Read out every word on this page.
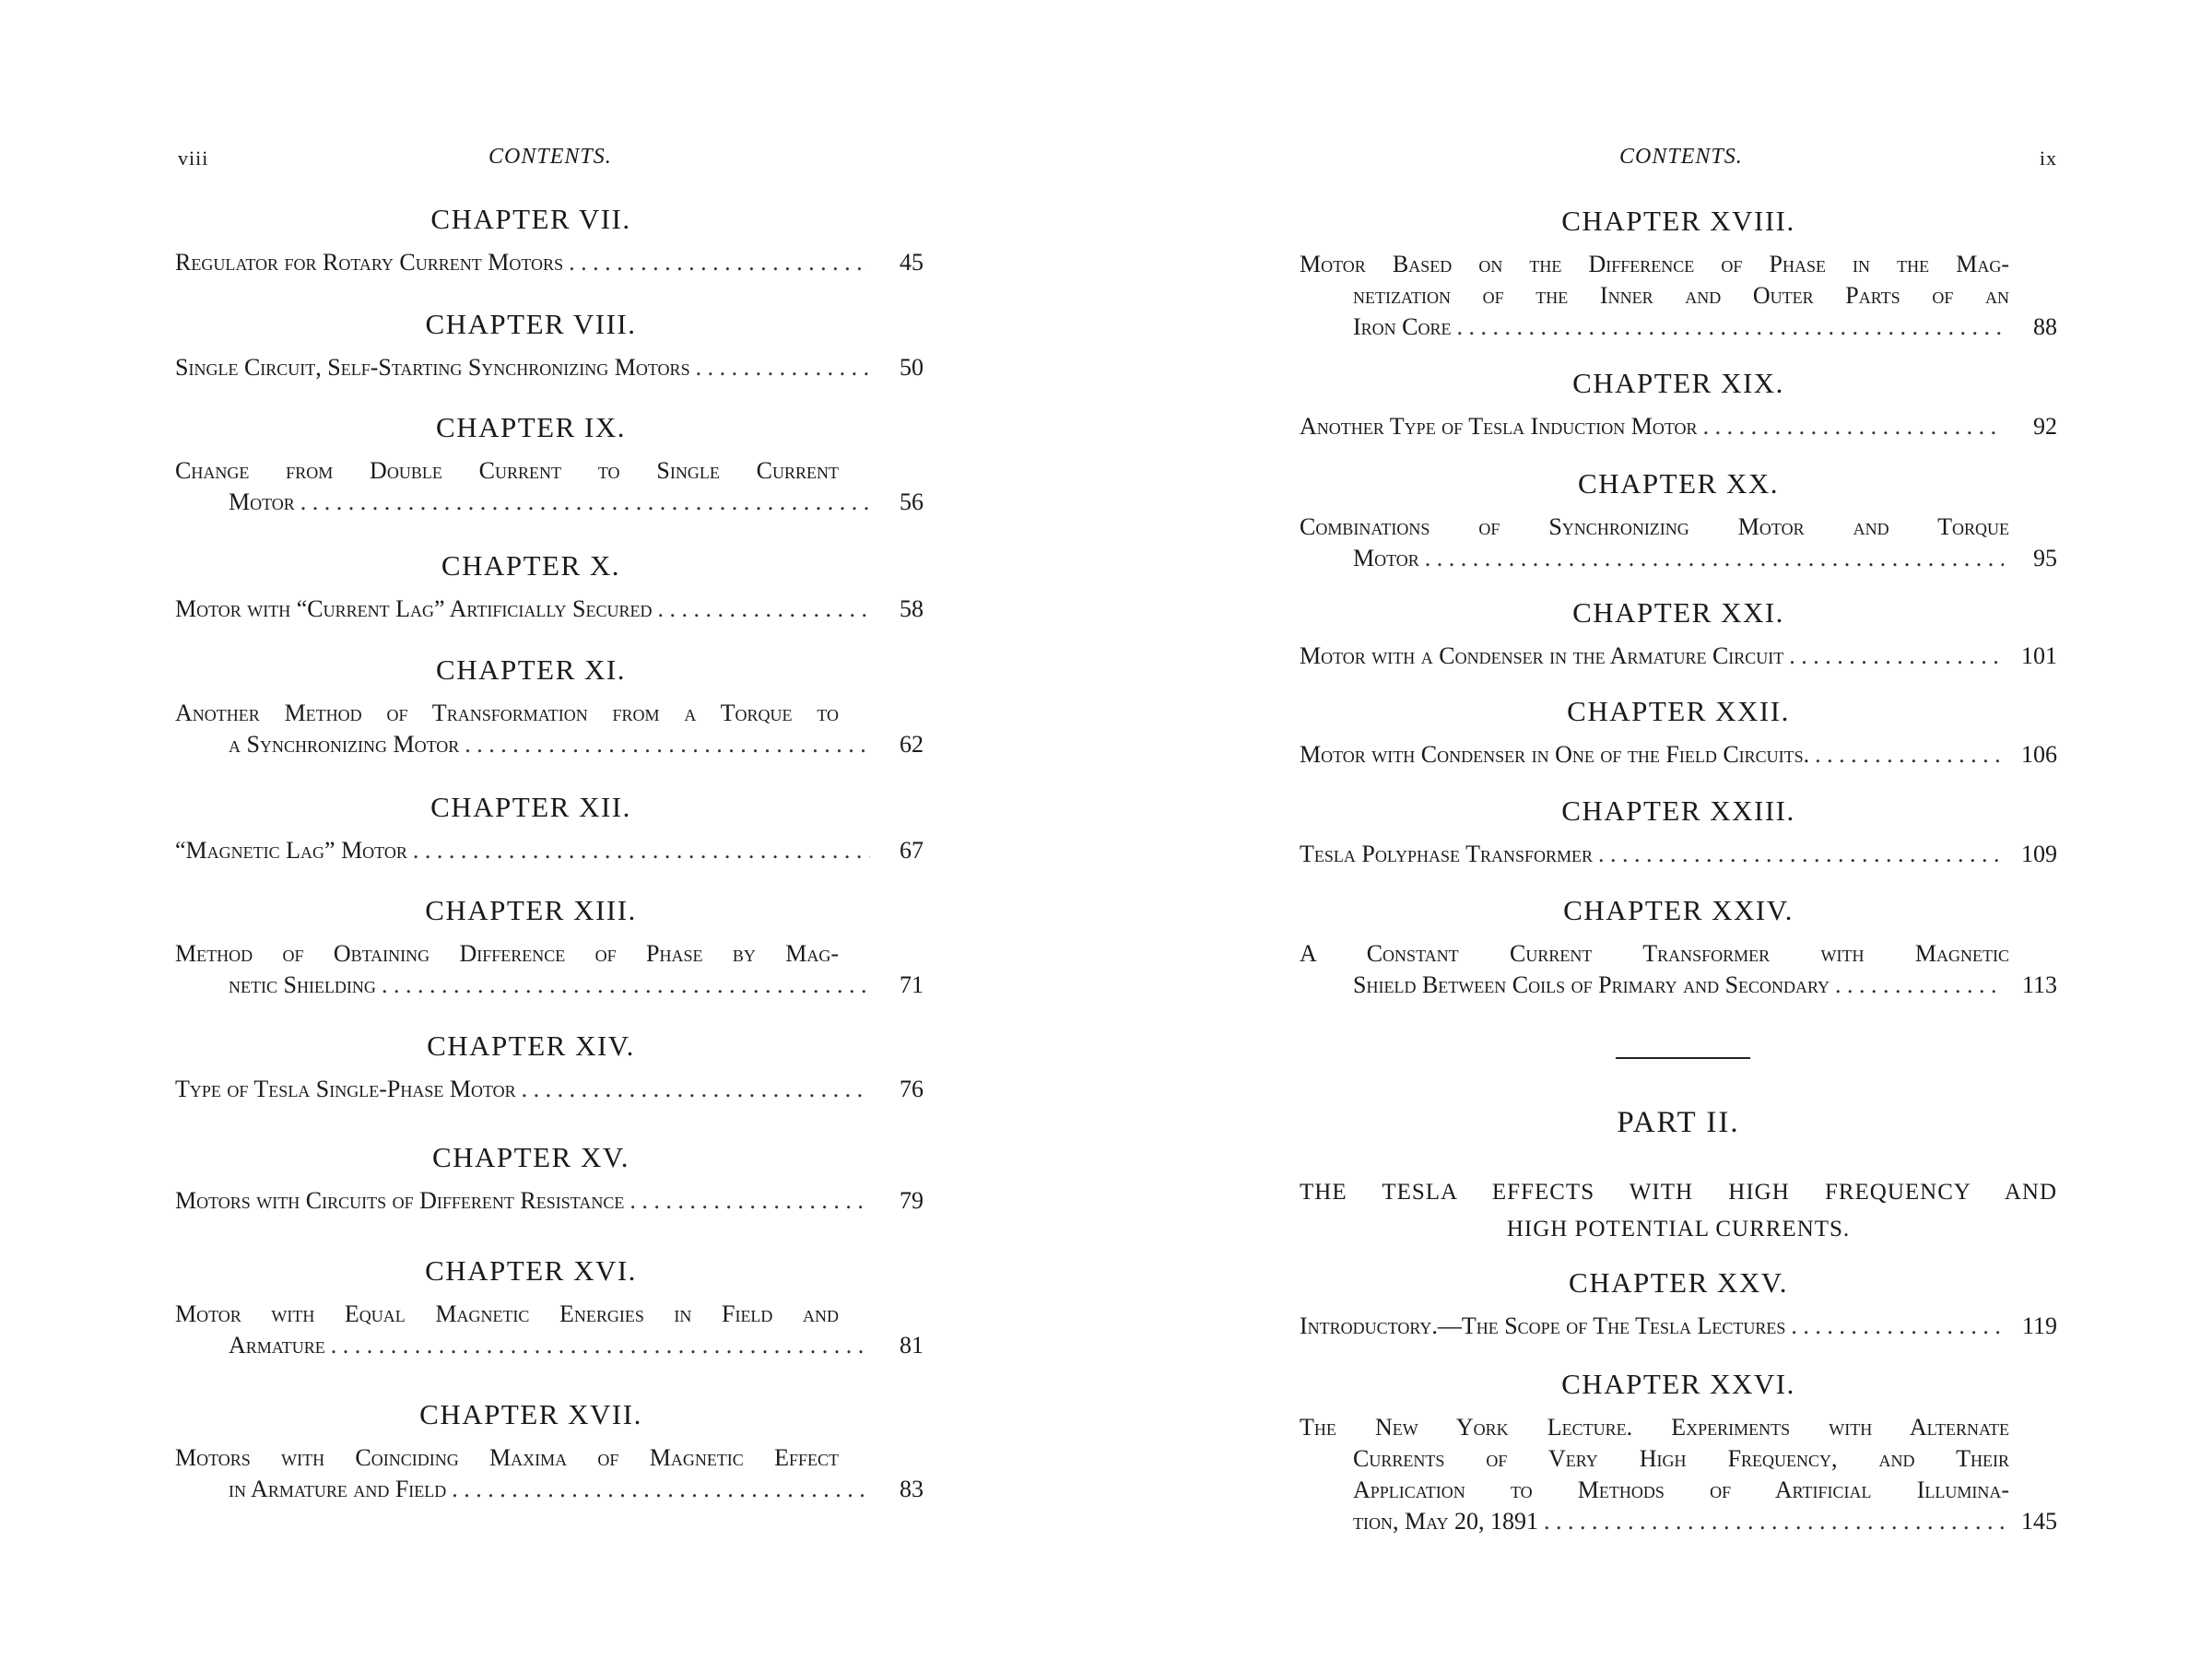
viii	CONTENTS.
CHAPTER VII.
Regulator for Rotary Current Motors . . .	45
CHAPTER VIII.
Single Circuit, Self-Starting Synchronizing Motors . . .	50
CHAPTER IX.
Change from Double Current to Single Current
Motor . . .	56
CHAPTER X.
Motor with “Current Lag” Artificially Secured . . .	58
CHAPTER XI.
Another Method of Transformation from a Torque to
a Synchronizing Motor . . .	62
CHAPTER XII.
“Magnetic Lag” Motor . . .	67
CHAPTER XIII.
Method of Obtaining Difference of Phase by Mag-
netic Shielding . . .	71
CHAPTER XIV.
Type of Tesla Single-Phase Motor . . .	76
CHAPTER XV.
Motors with Circuits of Different Resistance . . .	79
CHAPTER XVI.
Motor with Equal Magnetic Energies in Field and
Armature . . .	81
CHAPTER XVII.
Motors with Coinciding Maxima of Magnetic Effect
in Armature and Field . . .	83
ix
CONTENTS.
CHAPTER XVIII.
Motor Based on the Difference of Phase in the Mag-
netization of the Inner and Outer Parts of an
Iron Core . . .	88
CHAPTER XIX.
Another Type of Tesla Induction Motor . . .	92
CHAPTER XX.
Combinations of Synchronizing Motor and Torque
Motor . . .	95
CHAPTER XXI.
Motor with a Condenser in the Armature Circuit . . .	101
CHAPTER XXII.
Motor with Condenser in One of the Field Circuits. . . .	106
CHAPTER XXIII.
Tesla Polyphase Transformer . . .	109
CHAPTER XXIV.
A Constant Current Transformer with Magnetic
Shield Between Coils of Primary and Secondary . . .	113
PART II.
THE TESLA EFFECTS WITH HIGH FREQUENCY AND
HIGH POTENTIAL CURRENTS.
CHAPTER XXV.
Introductory.—The Scope of The Tesla Lectures . . .	119
CHAPTER XXVI.
The New York Lecture. Experiments with Alternate
Currents of Very High Frequency, and Their
Application to Methods of Artificial Illumina-
tion, May 20, 1891 . . .	145
